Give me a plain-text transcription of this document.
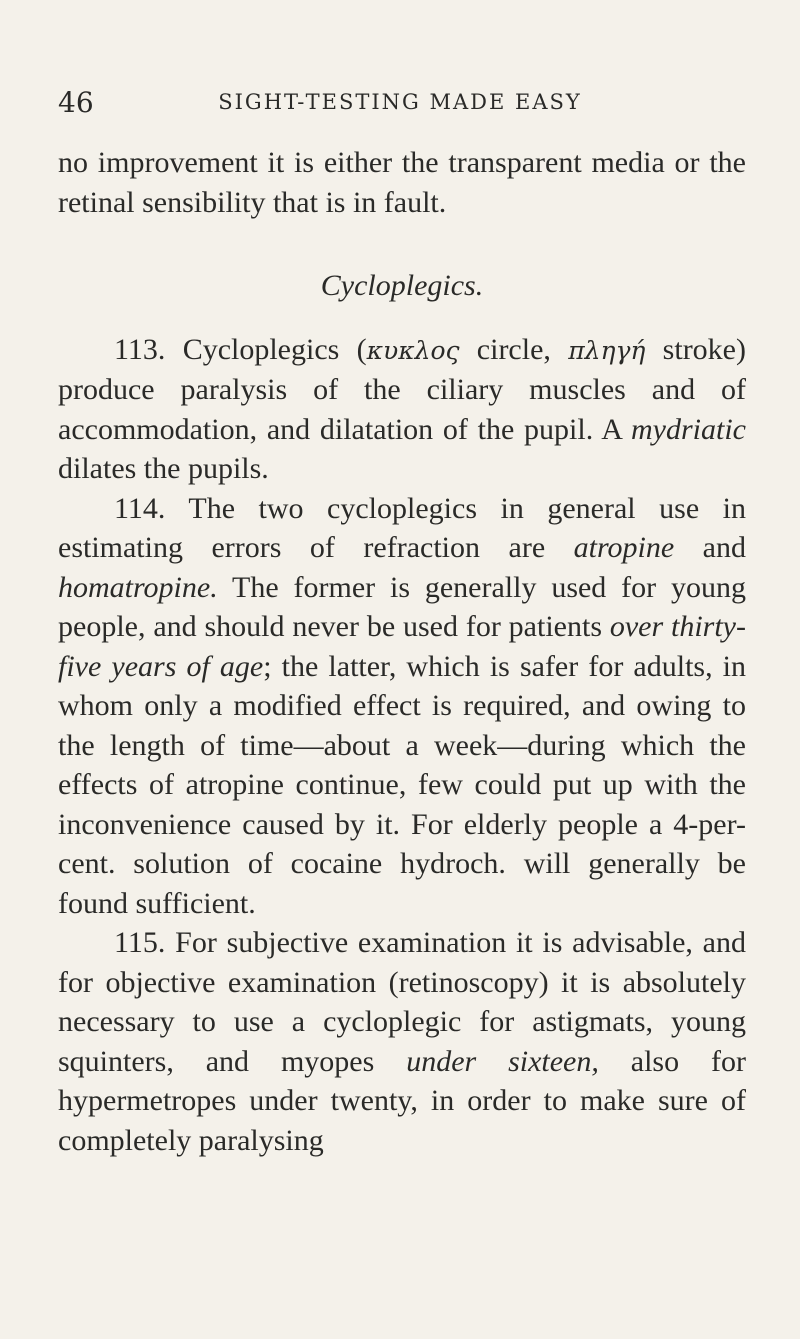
46	SIGHT-TESTING MADE EASY

no improvement it is either the transparent media or the retinal sensibility that is in fault.

Cycloplegics.

113. Cycloplegics (κυκλος circle, πληγή stroke) produce paralysis of the ciliary muscles and of accommodation, and dilatation of the pupil. A mydriatic dilates the pupils.

114. The two cycloplegics in general use in estimating errors of refraction are atropine and homatropine. The former is generally used for young people, and should never be used for patients over thirty-five years of age; the latter, which is safer for adults, in whom only a modified effect is required, and owing to the length of time—about a week—during which the effects of atropine continue, few could put up with the inconvenience caused by it. For elderly people a 4-per-cent. solution of cocaine hydroch. will generally be found sufficient.

115. For subjective examination it is advisable, and for objective examination (retinoscopy) it is absolutely necessary to use a cycloplegic for astigmats, young squinters, and myopes under sixteen, also for hypermetropes under twenty, in order to make sure of completely paralysing
